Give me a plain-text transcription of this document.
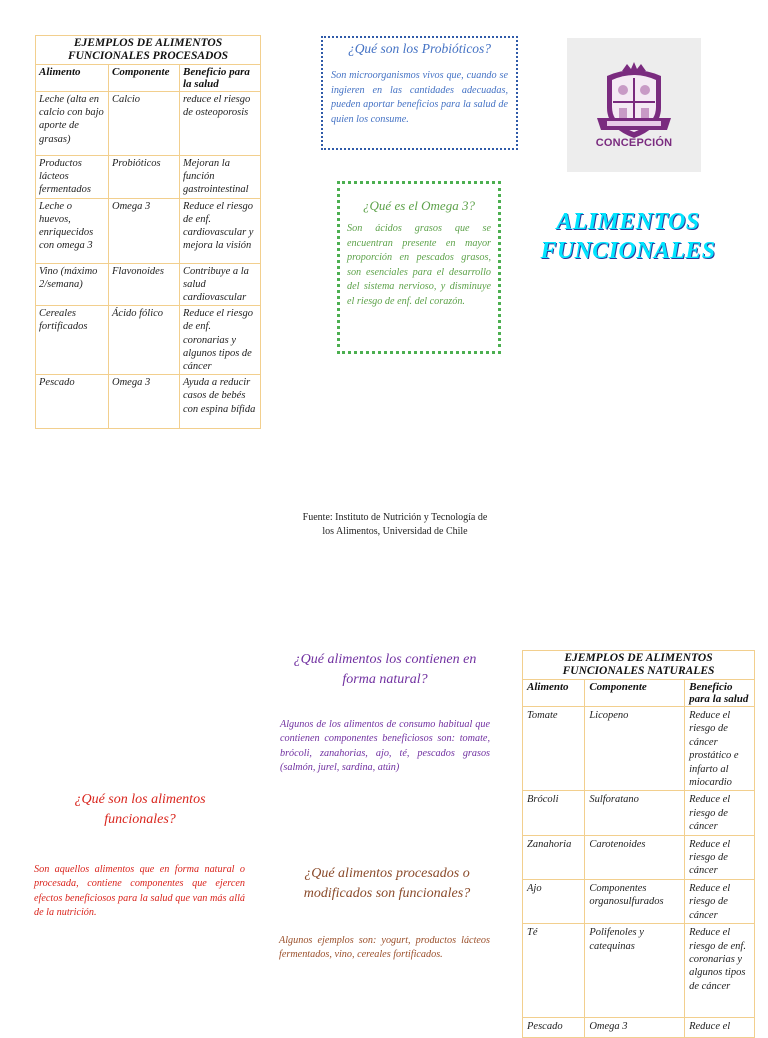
EJEMPLOS DE ALIMENTOS FUNCIONALES PROCESADOS		
Alimento	Componente	Beneficio para la salud
Leche (alta en calcio con bajo aporte de grasas)	Calcio	reduce el riesgo de osteoporosis
Productos lácteos fermentados	Probióticos	Mejoran la función gastrointestinal
Leche o huevos, enriquecidos con omega 3	Omega 3	Reduce el riesgo de enf. cardiovascular y mejora la visión
Vino (máximo 2/semana)	Flavonoides	Contribuye a la salud cardiovascular
Cereales fortificados	Ácido fólico	Reduce el riesgo de enf. coronarias y algunos tipos de cáncer
Pescado	Omega 3	Ayuda a reducir casos de bebés con espina bífida
¿Qué son los Probióticos?
Son microorganismos vivos que, cuando se ingieren en las cantidades adecuadas, pueden aportar beneficios para la salud de quien los consume.
¿Qué es el Omega 3?
Son ácidos grasos que se encuentran presente en mayor proporción en pescados grasos, son esenciales para el desarrollo del sistema nervioso, y disminuye el riesgo de enf. del corazón.
CONCEPCIÓN
ALIMENTOS FUNCIONALES
Fuente: Instituto de Nutrición y Tecnología de los Alimentos, Universidad de Chile
¿Qué alimentos los contienen en forma natural?
Algunos de los alimentos de consumo habitual que contienen componentes beneficiosos son: tomate, brócoli, zanahorias, ajo, té, pescados grasos (salmón, jurel, sardina, atún)
¿Qué son los alimentos funcionales?
Son aquellos alimentos que en forma natural o procesada, contiene componentes que ejercen efectos beneficiosos para la salud que van más allá de la nutrición.
¿Qué alimentos procesados o modificados son funcionales?
Algunos ejemplos son: yogurt, productos lácteos fermentados, vino, cereales fortificados.
EJEMPLOS DE ALIMENTOS FUNCIONALES NATURALES		
Alimento	Componente	Beneficio para la salud
Tomate	Licopeno	Reduce el riesgo de cáncer prostático e infarto al miocardio
Brócoli	Sulforatano	Reduce el riesgo de cáncer
Zanahoria	Carotenoides	Reduce el riesgo de cáncer
Ajo	Componentes organosulfurados	Reduce el riesgo de cáncer
Té	Polifenoles y catequinas	Reduce el riesgo de enf. coronarias y algunos tipos de cáncer
Pescado	Omega 3	Reduce el
